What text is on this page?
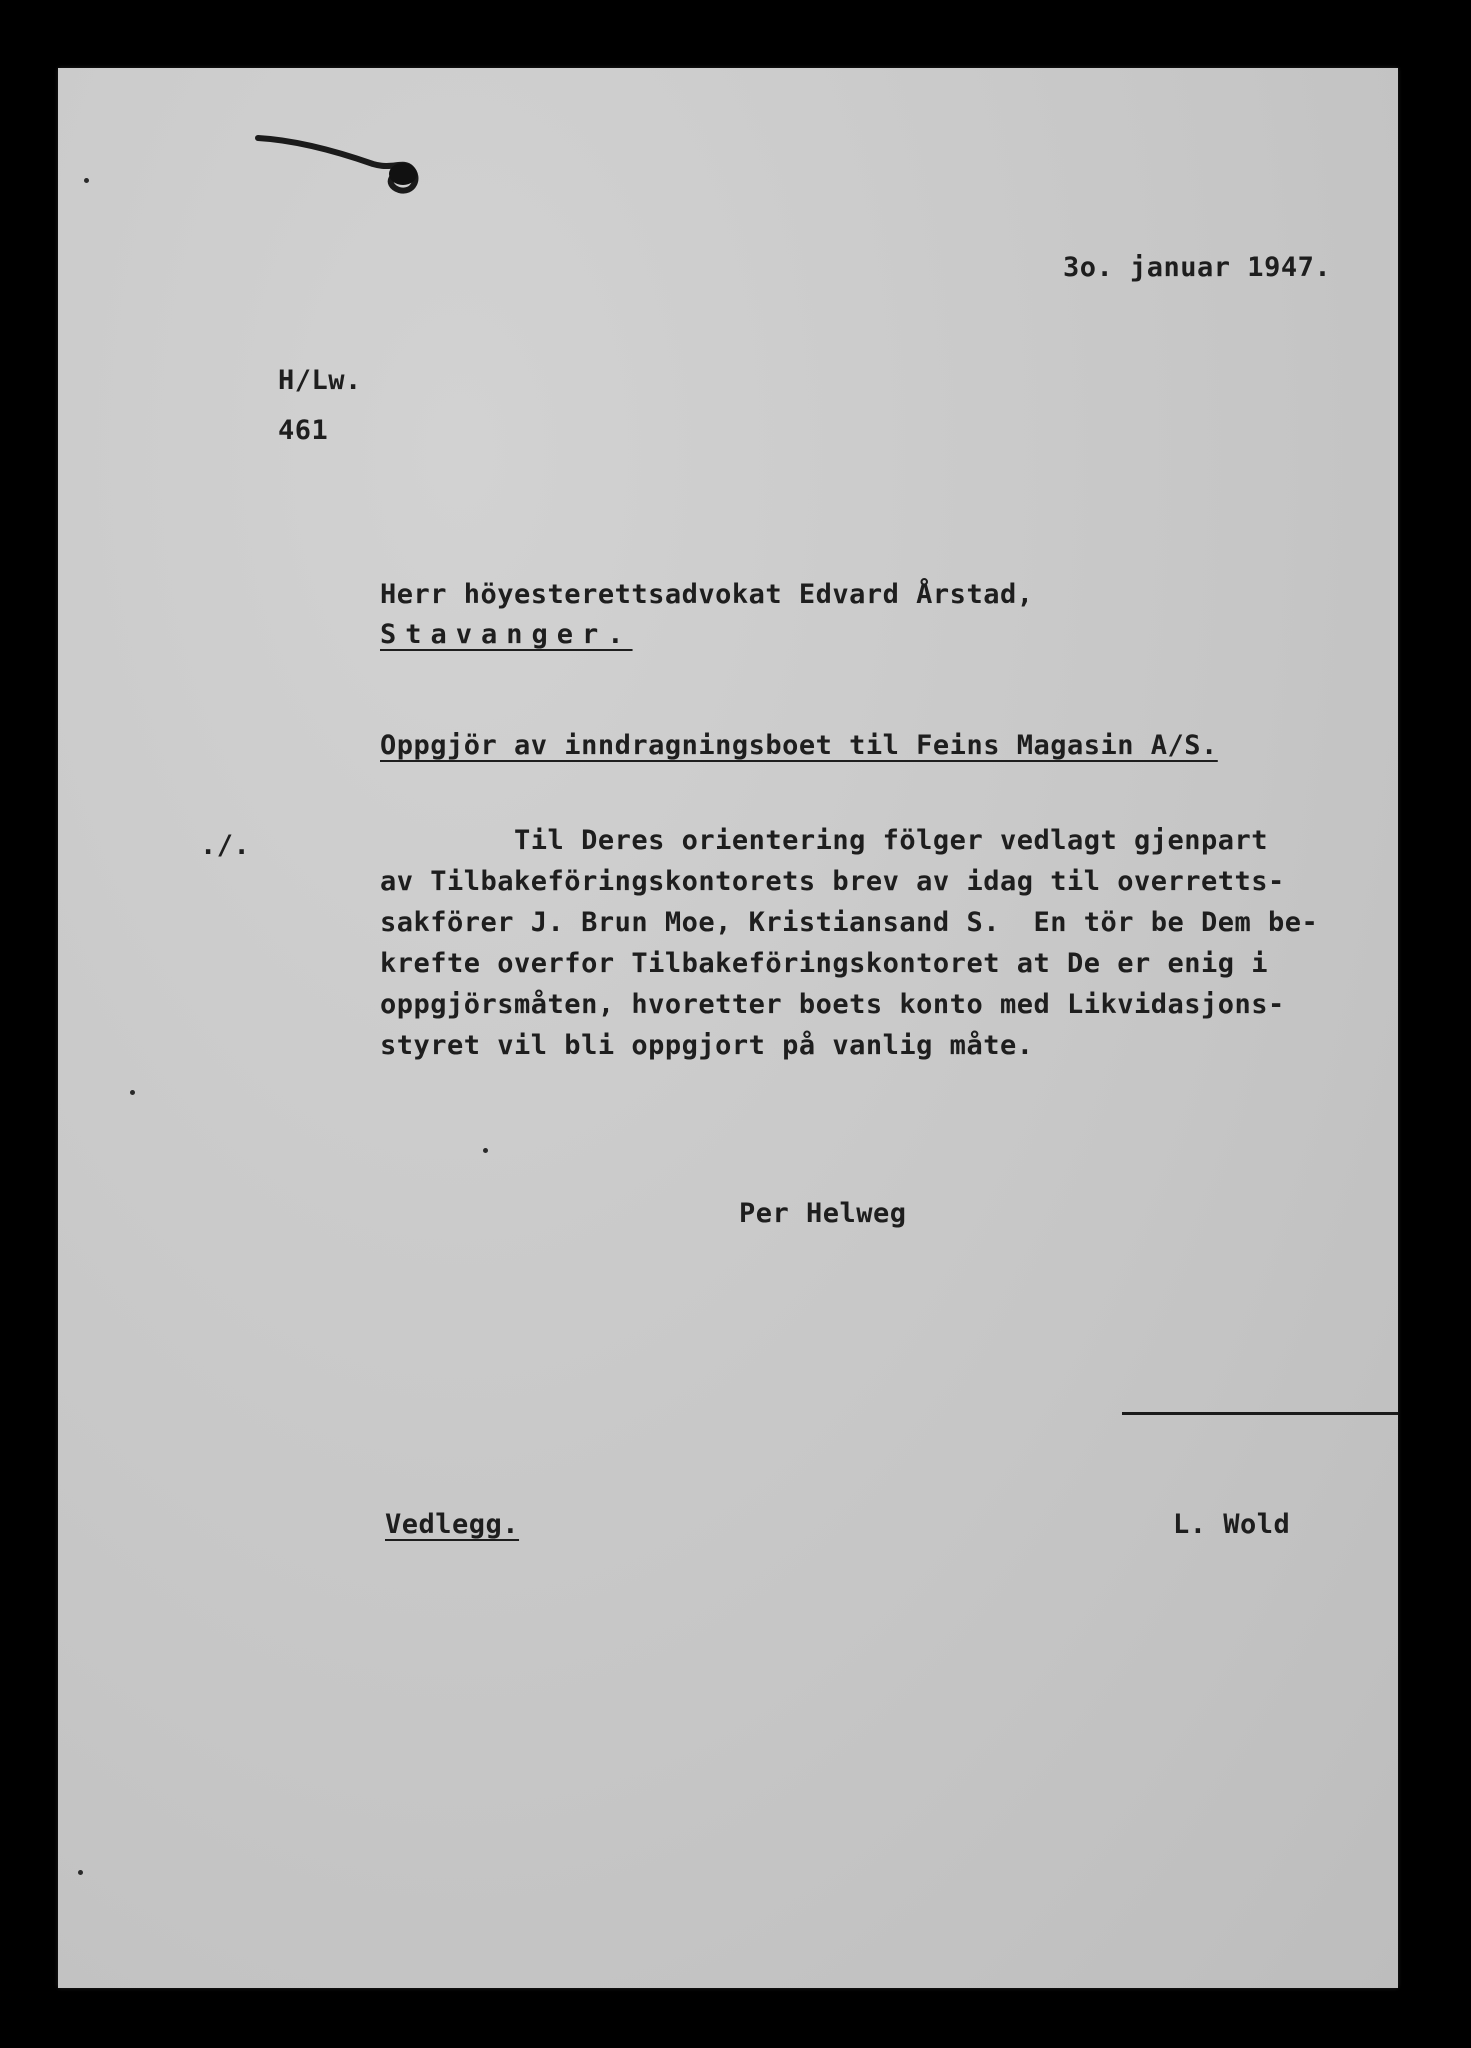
3o. januar 1947.
H/Lw.
461
Herr höyesterettsadvokat Edvard Årstad,
Stavanger.
Oppgjör av inndragningsboet til Feins Magasin A/S.
./.	Til Deres orientering fölger vedlagt gjenpart
av Tilbakeföringskontorets brev av idag til overretts-
sakförer J. Brun Moe, Kristiansand S.  En tör be Dem be-
krefte overfor Tilbakeföringskontoret at De er enig i
oppgjörsmåten, hvoretter boets konto med Likvidasjons-
styret vil bli oppgjort på vanlig måte.
Per Helweg
Vedlegg.	L. Wold
